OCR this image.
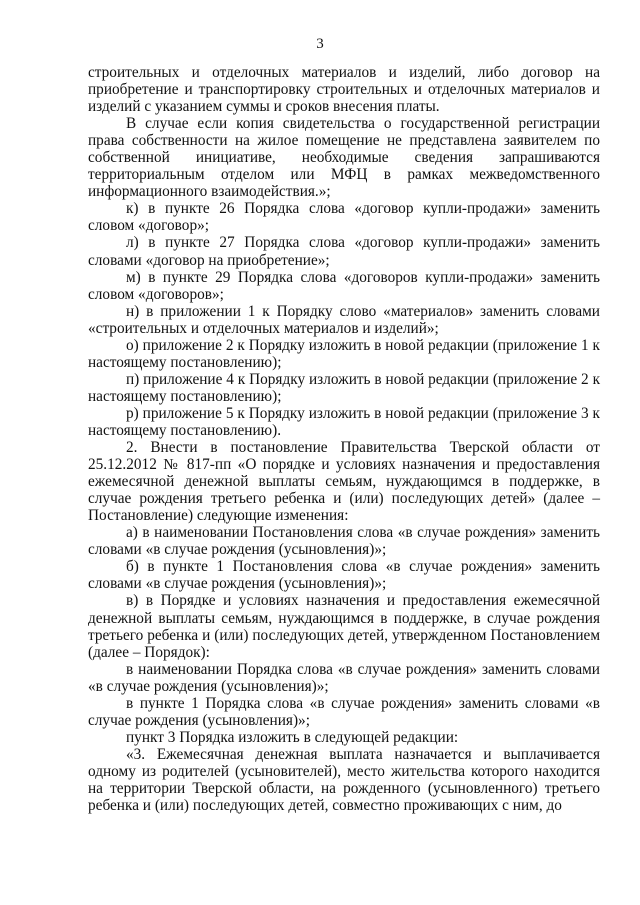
3

строительных и отделочных материалов и изделий, либо договор на приобретение и транспортировку строительных и отделочных материалов и изделий с указанием суммы и сроков внесения платы.

В случае если копия свидетельства о государственной регистрации права собственности на жилое помещение не представлена заявителем по собственной инициативе, необходимые сведения запрашиваются территориальным отделом или МФЦ в рамках межведомственного информационного взаимодействия.»;

к) в пункте 26 Порядка слова «договор купли-продажи» заменить словом «договор»;

л) в пункте 27 Порядка слова «договор купли-продажи» заменить словами «договор на приобретение»;

м) в пункте 29 Порядка слова «договоров купли-продажи» заменить словом «договоров»;

н) в приложении 1 к Порядку слово «материалов» заменить словами «строительных и отделочных материалов и изделий»;

о) приложение 2 к Порядку изложить в новой редакции (приложение 1 к настоящему постановлению);

п) приложение 4 к Порядку изложить в новой редакции (приложение 2 к настоящему постановлению);

р) приложение 5 к Порядку изложить в новой редакции (приложение 3 к настоящему постановлению).

2. Внести в постановление Правительства Тверской области от 25.12.2012 № 817-пп «О порядке и условиях назначения и предоставления ежемесячной денежной выплаты семьям, нуждающимся в поддержке, в случае рождения третьего ребенка и (или) последующих детей» (далее – Постановление) следующие изменения:

а) в наименовании Постановления слова «в случае рождения» заменить словами «в случае рождения (усыновления)»;

б) в пункте 1 Постановления слова «в случае рождения» заменить словами «в случае рождения (усыновления)»;

в) в Порядке и условиях назначения и предоставления ежемесячной денежной выплаты семьям, нуждающимся в поддержке, в случае рождения третьего ребенка и (или) последующих детей, утвержденном Постановлением (далее – Порядок):

в наименовании Порядка слова «в случае рождения» заменить словами «в случае рождения (усыновления)»;

в пункте 1 Порядка слова «в случае рождения» заменить словами «в случае рождения (усыновления)»;

пункт 3 Порядка изложить в следующей редакции:

«3. Ежемесячная денежная выплата назначается и выплачивается одному из родителей (усыновителей), место жительства которого находится на территории Тверской области, на рожденного (усыновленного) третьего ребенка и (или) последующих детей, совместно проживающих с ним, до
